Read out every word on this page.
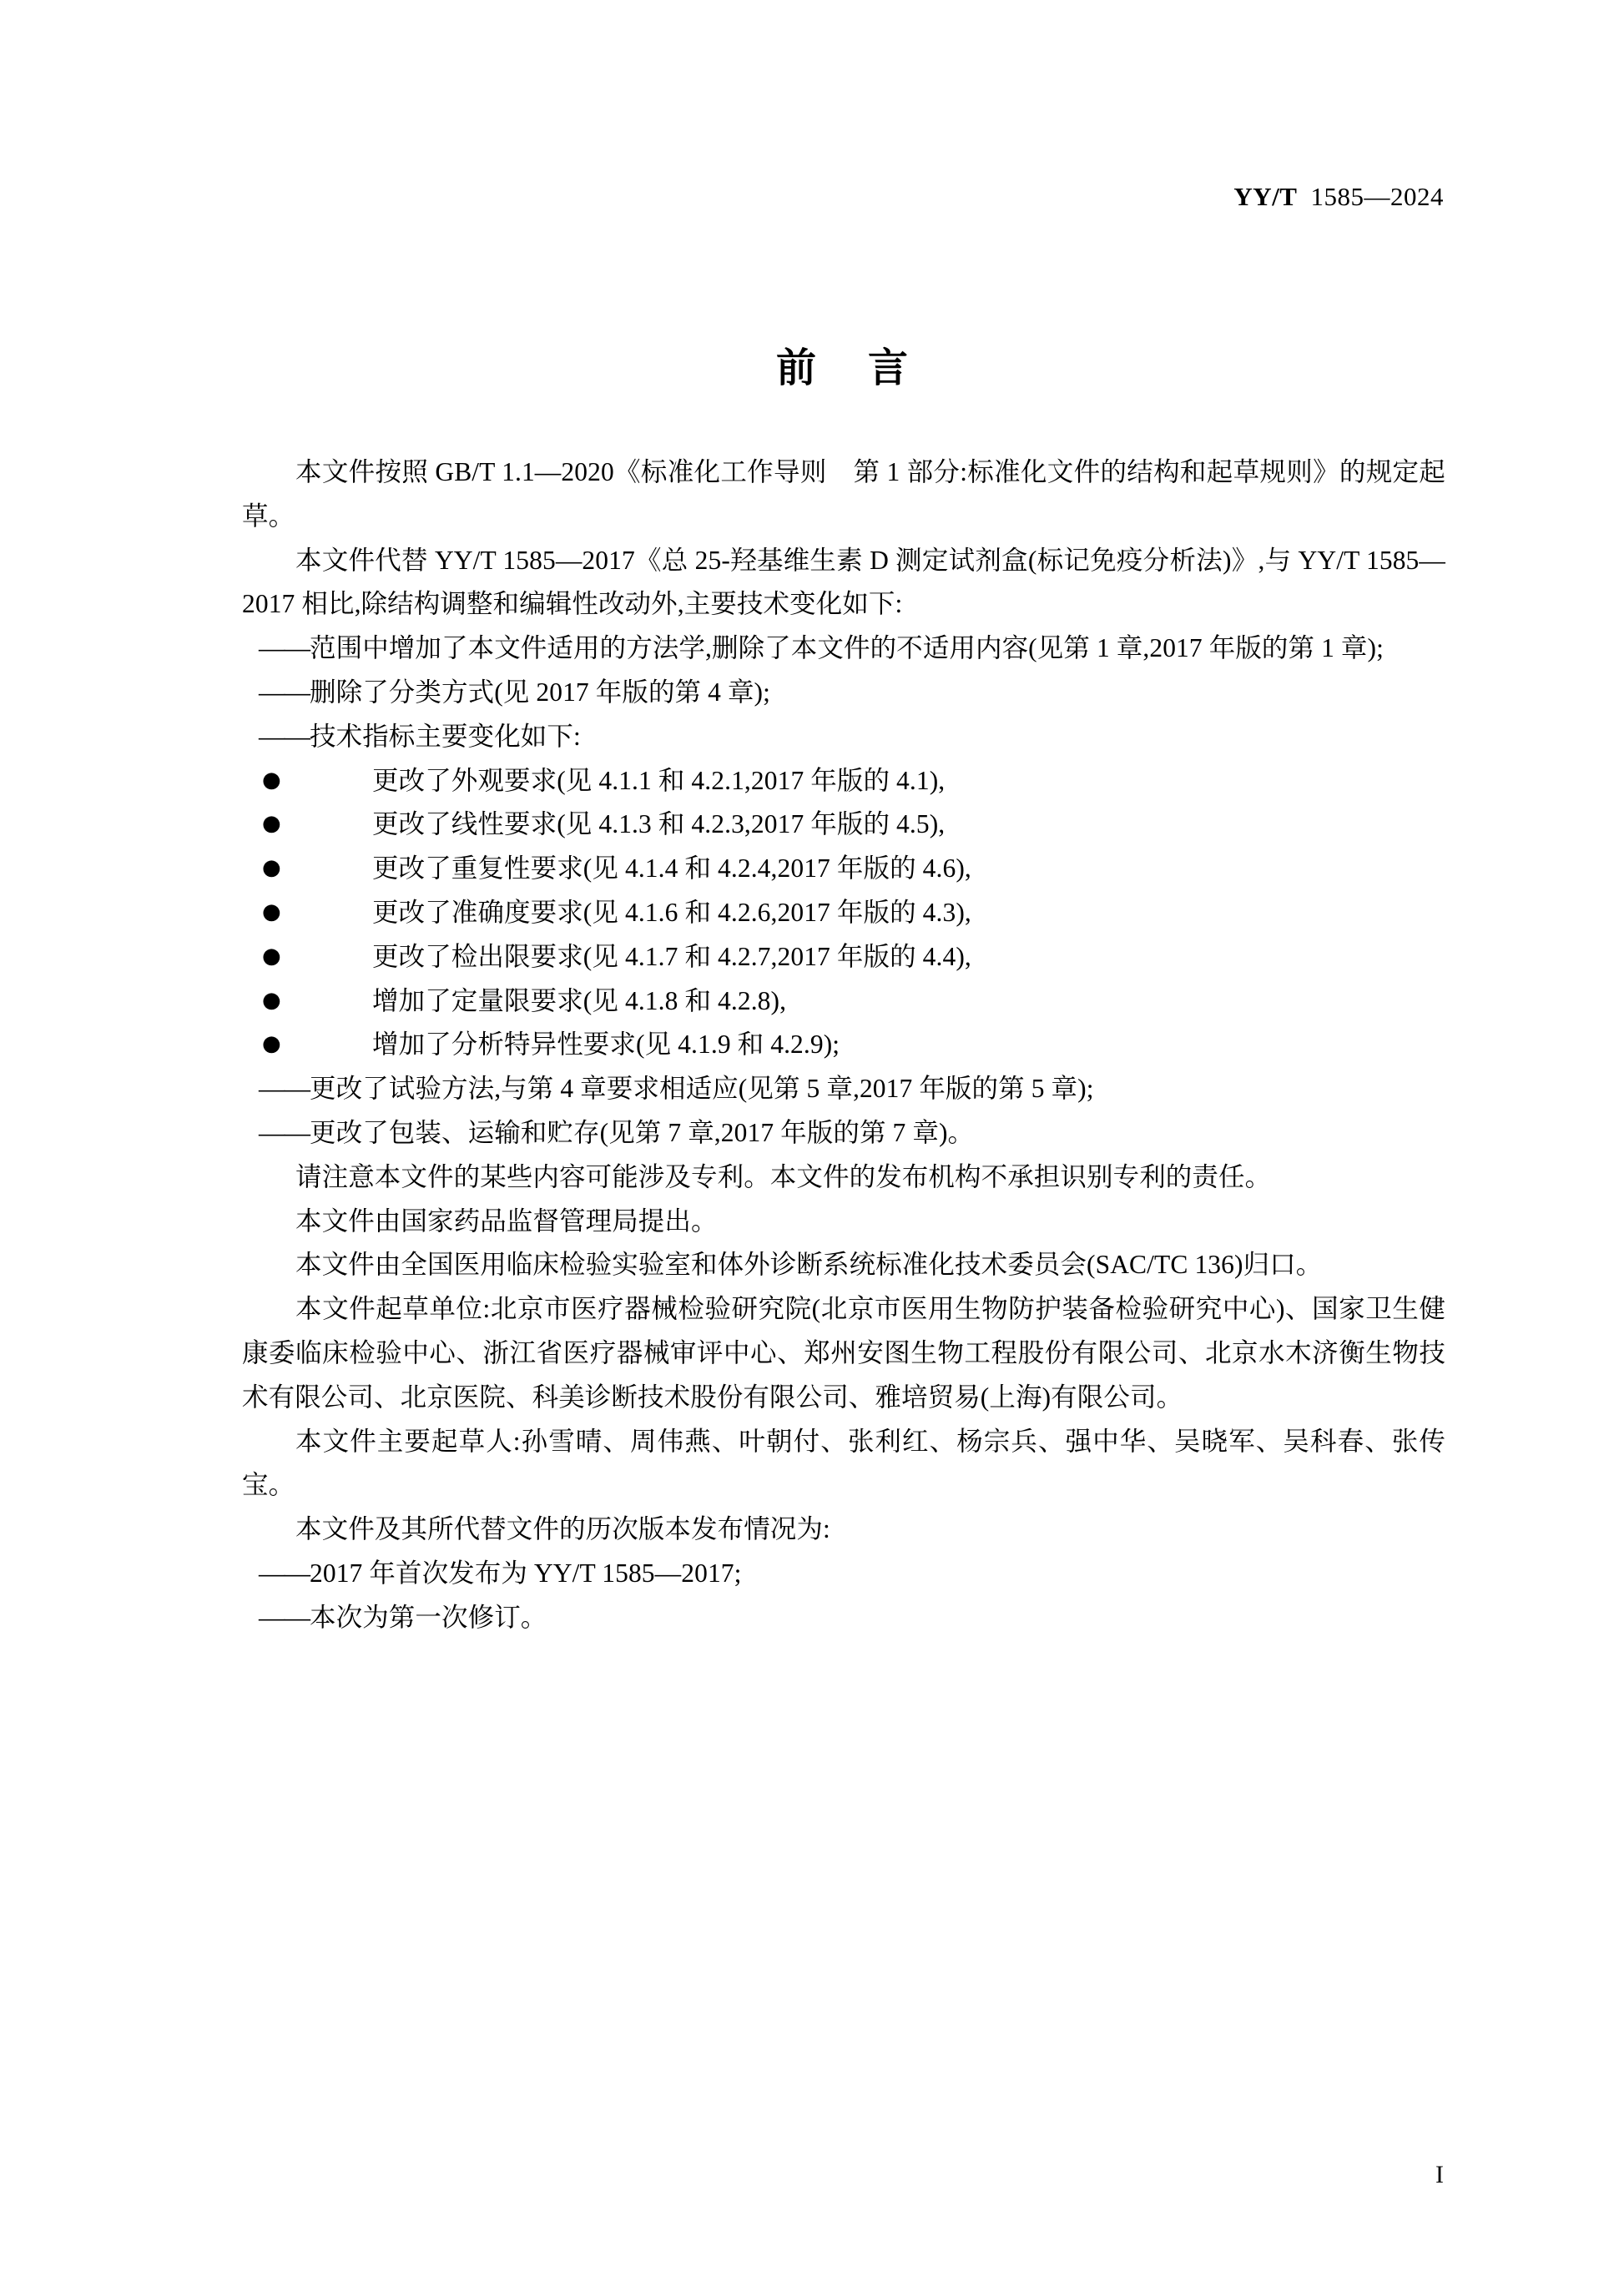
YY/T 1585—2024
前 言

本文件按照 GB/T 1.1—2020《标准化工作导则　第 1 部分:标准化文件的结构和起草规则》的规定起草。

本文件代替 YY/T 1585—2017《总 25-羟基维生素 D 测定试剂盒(标记免疫分析法)》,与 YY/T 1585—2017 相比,除结构调整和编辑性改动外,主要技术变化如下:

——范围中增加了本文件适用的方法学,删除了本文件的不适用内容(见第 1 章,2017 年版的第 1 章);

——删除了分类方式(见 2017 年版的第 4 章);

——技术指标主要变化如下:

●	更改了外观要求(见 4.1.1 和 4.2.1,2017 年版的 4.1),

●	更改了线性要求(见 4.1.3 和 4.2.3,2017 年版的 4.5),

●	更改了重复性要求(见 4.1.4 和 4.2.4,2017 年版的 4.6),

●	更改了准确度要求(见 4.1.6 和 4.2.6,2017 年版的 4.3),

●	更改了检出限要求(见 4.1.7 和 4.2.7,2017 年版的 4.4),

●	增加了定量限要求(见 4.1.8 和 4.2.8),

●	增加了分析特异性要求(见 4.1.9 和 4.2.9);

——更改了试验方法,与第 4 章要求相适应(见第 5 章,2017 年版的第 5 章);

——更改了包装、运输和贮存(见第 7 章,2017 年版的第 7 章)。

请注意本文件的某些内容可能涉及专利。本文件的发布机构不承担识别专利的责任。

本文件由国家药品监督管理局提出。

本文件由全国医用临床检验实验室和体外诊断系统标准化技术委员会(SAC/TC 136)归口。

本文件起草单位:北京市医疗器械检验研究院(北京市医用生物防护装备检验研究中心)、国家卫生健康委临床检验中心、浙江省医疗器械审评中心、郑州安图生物工程股份有限公司、北京水木济衡生物技术有限公司、北京医院、科美诊断技术股份有限公司、雅培贸易(上海)有限公司。

本文件主要起草人:孙雪晴、周伟燕、叶朝付、张利红、杨宗兵、强中华、吴晓军、吴科春、张传宝。

本文件及其所代替文件的历次版本发布情况为:

——2017 年首次发布为 YY/T 1585—2017;

——本次为第一次修订。

I
